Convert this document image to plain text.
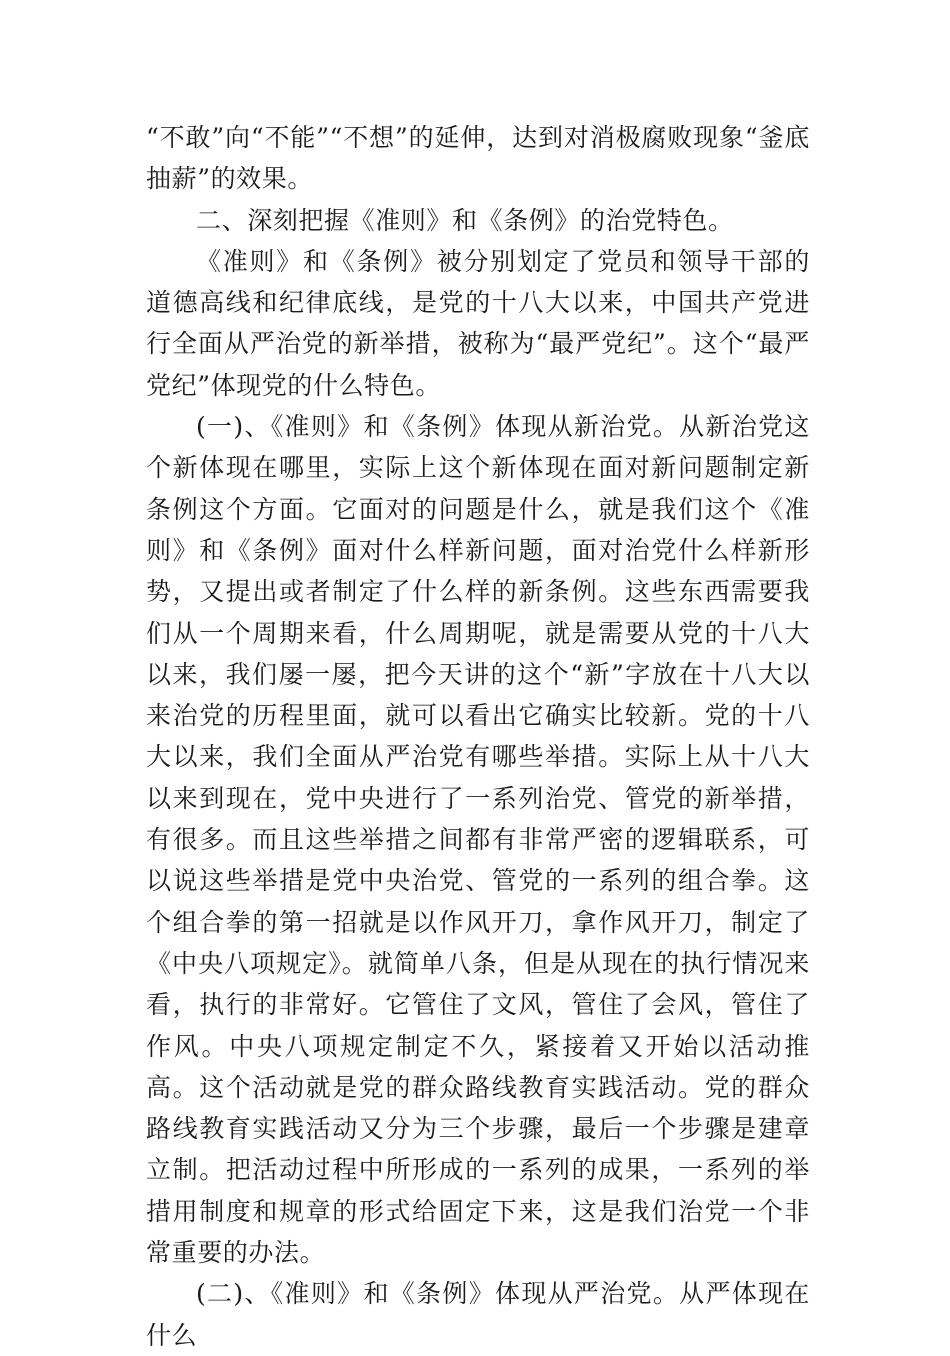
“不敢”向“不能”“不想”的延伸，达到对消极腐败现象“釜底抽薪”的效果。

二、深刻把握《准则》和《条例》的治党特色。

《准则》和《条例》被分别划定了党员和领导干部的道德高线和纪律底线，是党的十八大以来，中国共产党进行全面从严治党的新举措，被称为“最严党纪”。这个“最严党纪”体现党的什么特色。

(一)、《准则》和《条例》体现从新治党。从新治党这个新体现在哪里，实际上这个新体现在面对新问题制定新条例这个方面。它面对的问题是什么，就是我们这个《准则》和《条例》面对什么样新问题，面对治党什么样新形势，又提出或者制定了什么样的新条例。这些东西需要我们从一个周期来看，什么周期呢，就是需要从党的十八大以来，我们屡一屡，把今天讲的这个“新”字放在十八大以来治党的历程里面，就可以看出它确实比较新。党的十八大以来，我们全面从严治党有哪些举措。实际上从十八大以来到现在，党中央进行了一系列治党、管党的新举措，有很多。而且这些举措之间都有非常严密的逻辑联系，可以说这些举措是党中央治党、管党的一系列的组合拳。这个组合拳的第一招就是以作风开刀，拿作风开刀，制定了《中央八项规定》。就简单八条，但是从现在的执行情况来看，执行的非常好。它管住了文风，管住了会风，管住了作风。中央八项规定制定不久，紧接着又开始以活动推高。这个活动就是党的群众路线教育实践活动。党的群众路线教育实践活动又分为三个步骤，最后一个步骤是建章立制。把活动过程中所形成的一系列的成果，一系列的举措用制度和规章的形式给固定下来，这是我们治党一个非常重要的办法。

(二)、《准则》和《条例》体现从严治党。从严体现在什么
